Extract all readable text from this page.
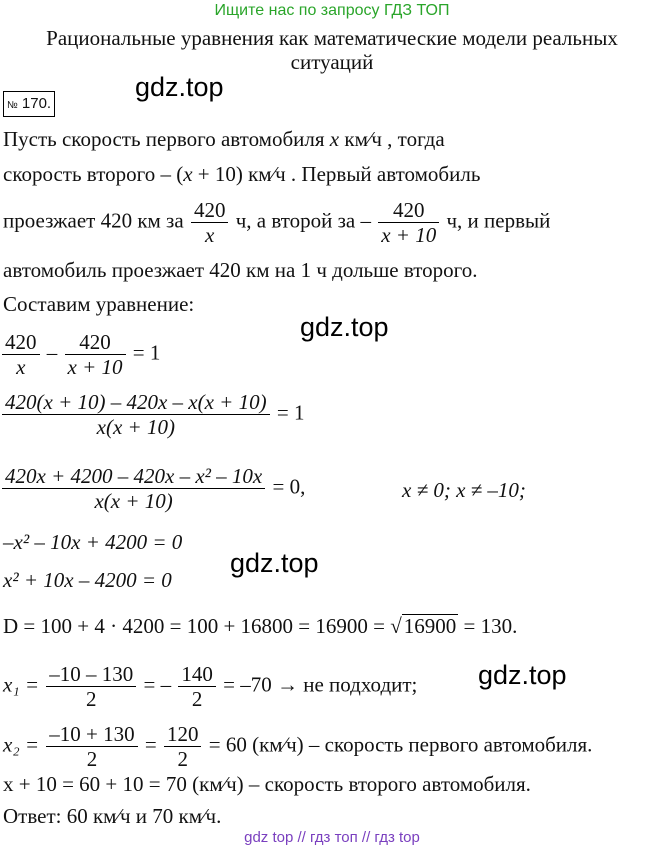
Ищите нас по запросу ГДЗ ТОП
Рациональные уравнения как математические модели реальных
ситуаций
№ 170.
gdz.top
gdz.top
gdz.top
gdz.top
Пусть скорость первого автомобиля x км⁄ч , тогда
скорость второго – (x + 10) км⁄ч . Первый автомобиль
проезжает 420 км за $\frac{420}{x} ч$, а второй за – $\frac{420}{x + 10} ч$, и первый
автомобиль проезжает 420 км на 1 ч дольше второго.
Составим уравнение:
$\frac{420}{x} - \frac{420}{x + 10} = 1$
$\frac{420(x + 10) - 420x - x(x + 10)}{x(x + 10)} = 1$
$\frac{\text{420x + 4200 – 420x – x² – 10x}}{x(x + 10)} = 0$,	x ≠ 0; x ≠ –10;
–x² – 10x + 4200 = 0
x² + 10x – 4200 = 0
D = 100 + 4 · 4200 = 100 + 16800 = 16900 = √16900 = 130.
$x_1 = \frac{-10 - 130}{2}$ = – $\frac{140}{2} = -70$ → не подходит;
$x_2 = \frac{-10 + 130}{2} = \frac{120}{2} = 60$ (км⁄ч) – скорость первого автомобиля.
x + 10 = 60 + 10 = 70 (км⁄ч) – скорость второго автомобиля.
Ответ: 60 км⁄ч и 70 км⁄ч.
gdz top // гдз топ // гдз top
